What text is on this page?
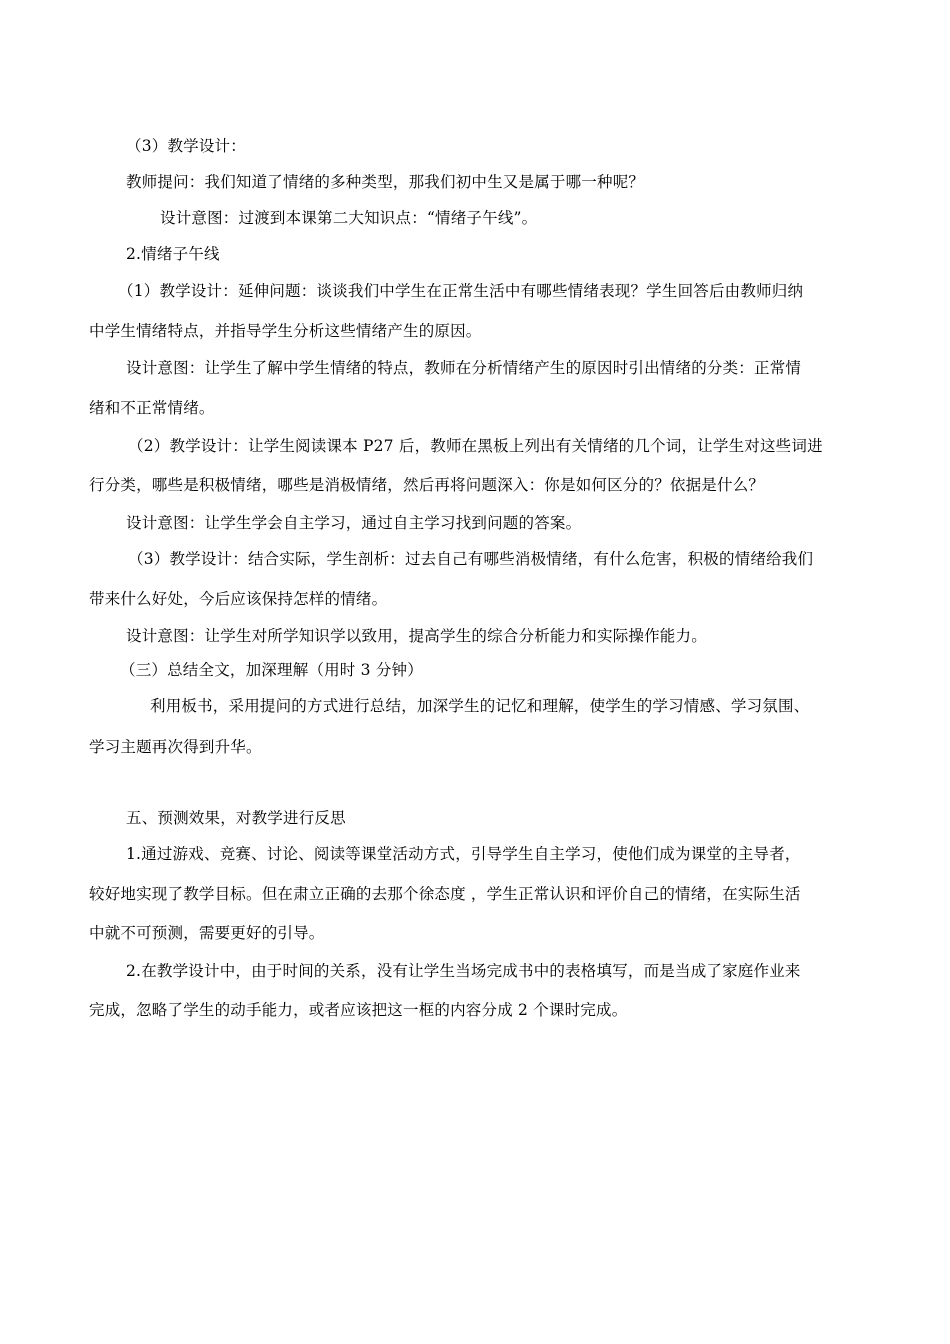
（3）教学设计：
教师提问：我们知道了情绪的多种类型，那我们初中生又是属于哪一种呢？
设计意图：过渡到本课第二大知识点：“情绪子午线”。
2.情绪子午线
（1）教学设计：延伸问题：谈谈我们中学生在正常生活中有哪些情绪表现？学生回答后由教师归纳
中学生情绪特点，并指导学生分析这些情绪产生的原因。
设计意图：让学生了解中学生情绪的特点，教师在分析情绪产生的原因时引出情绪的分类：正常情
绪和不正常情绪。
（2）教学设计：让学生阅读课本 P27 后，教师在黑板上列出有关情绪的几个词，让学生对这些词进
行分类，哪些是积极情绪，哪些是消极情绪，然后再将问题深入：你是如何区分的？依据是什么？
设计意图：让学生学会自主学习，通过自主学习找到问题的答案。
（3）教学设计：结合实际，学生剖析：过去自己有哪些消极情绪，有什么危害，积极的情绪给我们
带来什么好处，今后应该保持怎样的情绪。
设计意图：让学生对所学知识学以致用，提高学生的综合分析能力和实际操作能力。
（三）总结全文，加深理解（用时 3 分钟）
利用板书，采用提问的方式进行总结，加深学生的记忆和理解，使学生的学习情感、学习氛围、
学习主题再次得到升华。
五、预测效果，对教学进行反思
1.通过游戏、竞赛、讨论、阅读等课堂活动方式，引导学生自主学习，使他们成为课堂的主导者，
较好地实现了教学目标。但在肃立正确的去那个徐态度 ，学生正常认识和评价自己的情绪，在实际生活
中就不可预测，需要更好的引导。
2.在教学设计中，由于时间的关系，没有让学生当场完成书中的表格填写，而是当成了家庭作业来
完成，忽略了学生的动手能力，或者应该把这一框的内容分成 2 个课时完成。
